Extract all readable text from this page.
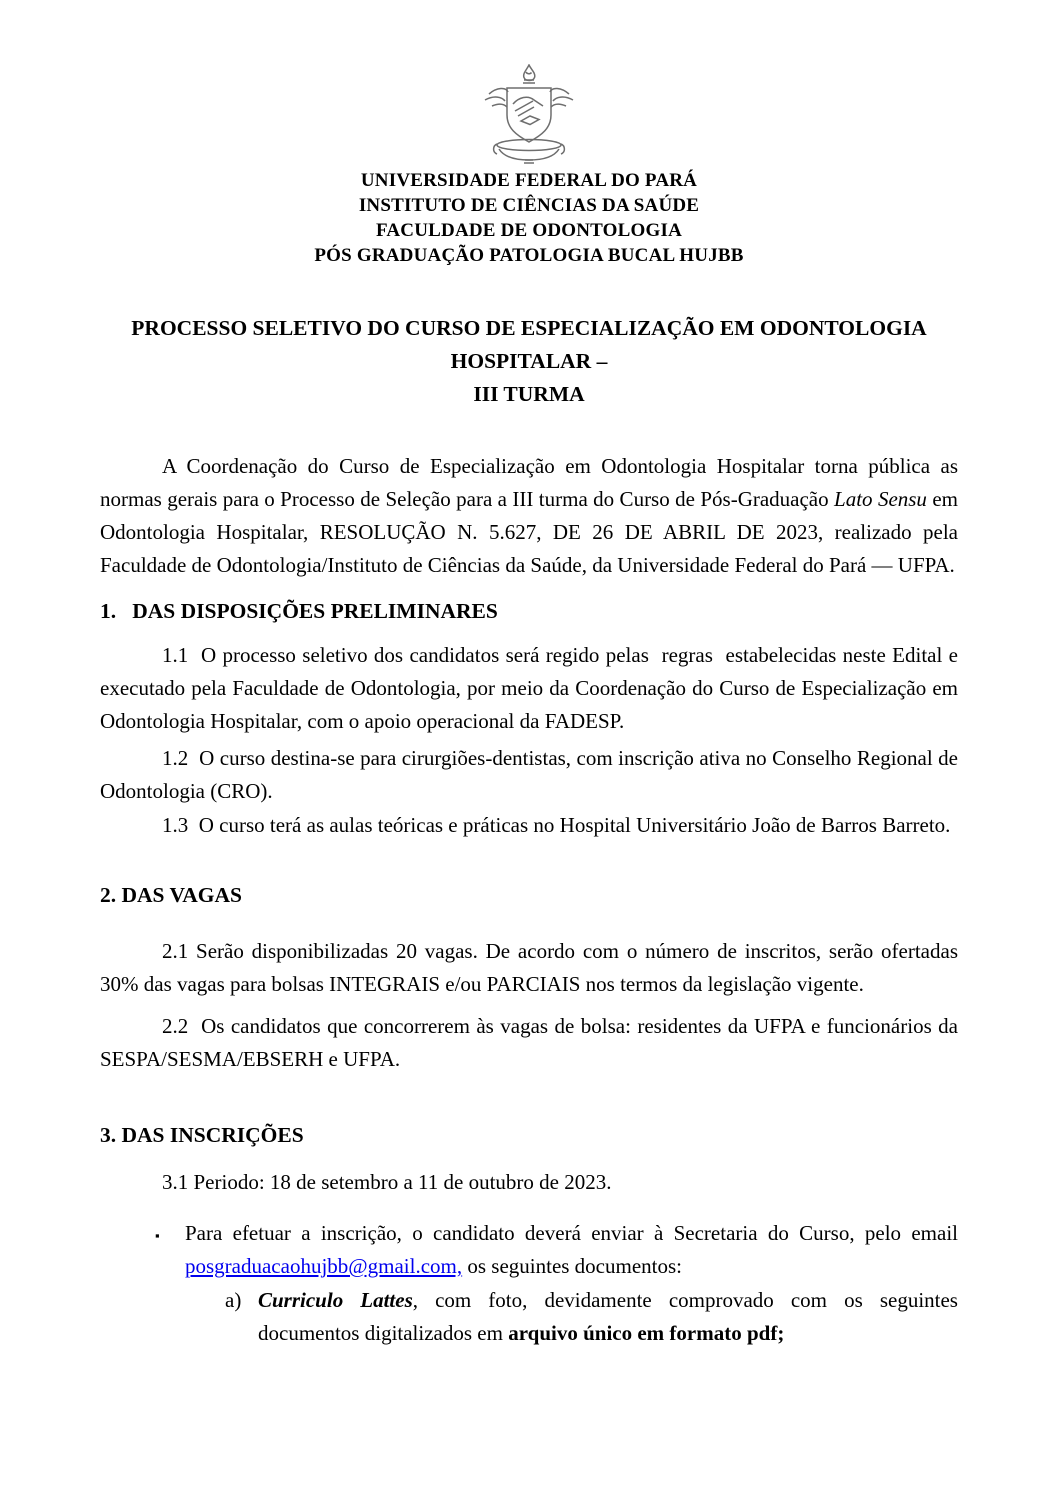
UNIVERSIDADE FEDERAL DO PARÁ
INSTITUTO DE CIÊNCIAS DA SAÚDE
FACULDADE DE ODONTOLOGIA
PÓS GRADUAÇÃO PATOLOGIA BUCAL HUJBB
PROCESSO SELETIVO DO CURSO DE ESPECIALIZAÇÃO EM ODONTOLOGIA HOSPITALAR –
III TURMA

A Coordenação do Curso de Especialização em Odontologia Hospitalar torna pública as normas gerais para o Processo de Seleção para a III turma do Curso de Pós-Graduação Lato Sensu em Odontologia Hospitalar, RESOLUÇÃO N. 5.627, DE 26 DE ABRIL DE 2023, realizado pela Faculdade de Odontologia/Instituto de Ciências da Saúde, da Universidade Federal do Pará — UFPA.

1.   DAS DISPOSIÇÕES PRELIMINARES

1.1  O processo seletivo dos candidatos será regido pelas  regras  estabelecidas neste Edital e executado pela Faculdade de Odontologia, por meio da Coordenação do Curso de Especialização em Odontologia Hospitalar, com o apoio operacional da FADESP.

1.2  O curso destina-se para cirurgiões-dentistas, com inscrição ativa no Conselho Regional de Odontologia (CRO).

1.3  O curso terá as aulas teóricas e práticas no Hospital Universitário João de Barros Barreto.

2. DAS VAGAS

2.1 Serão disponibilizadas 20 vagas. De acordo com o número de inscritos, serão ofertadas 30% das vagas para bolsas INTEGRAIS e/ou PARCIAIS nos termos da legislação vigente.

2.2  Os candidatos que concorrerem às vagas de bolsa: residentes da UFPA e funcionários da SESPA/SESMA/EBSERH e UFPA.

3. DAS INSCRIÇÕES

3.1 Periodo: 18 de setembro a 11 de outubro de 2023.

▪ Para efetuar a inscrição, o candidato deverá enviar à Secretaria do Curso, pelo email posgraduacaohujbb@gmail.com, os seguintes documentos:

a) Curriculo Lattes, com foto, devidamente comprovado com os seguintes documentos digitalizados em arquivo único em formato pdf;
